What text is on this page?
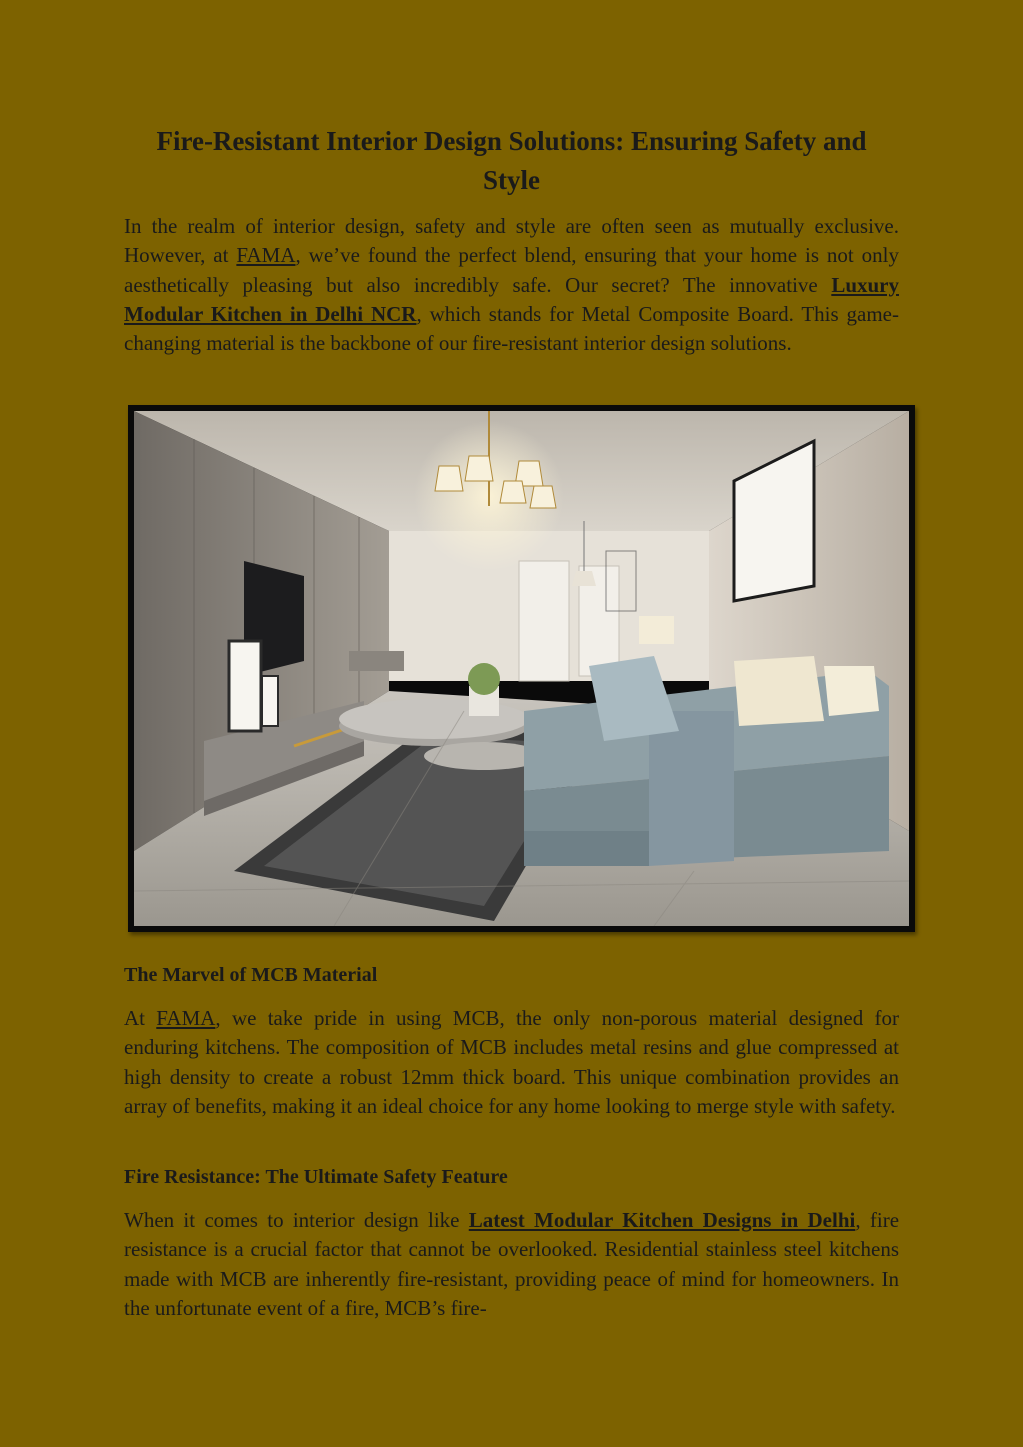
Fire-Resistant Interior Design Solutions: Ensuring Safety and Style

In the realm of interior design, safety and style are often seen as mutually exclusive. However, at FAMA, we’ve found the perfect blend, ensuring that your home is not only aesthetically pleasing but also incredibly safe. Our secret? The innovative Luxury Modular Kitchen in Delhi NCR, which stands for Metal Composite Board. This game-changing material is the backbone of our fire-resistant interior design solutions.

The Marvel of MCB Material

At FAMA, we take pride in using MCB, the only non-porous material designed for enduring kitchens. The composition of MCB includes metal resins and glue compressed at high density to create a robust 12mm thick board. This unique combination provides an array of benefits, making it an ideal choice for any home looking to merge style with safety.

Fire Resistance: The Ultimate Safety Feature

When it comes to interior design like Latest Modular Kitchen Designs in Delhi, fire resistance is a crucial factor that cannot be overlooked. Residential stainless steel kitchens made with MCB are inherently fire-resistant, providing peace of mind for homeowners. In the unfortunate event of a fire, MCB’s fire-
